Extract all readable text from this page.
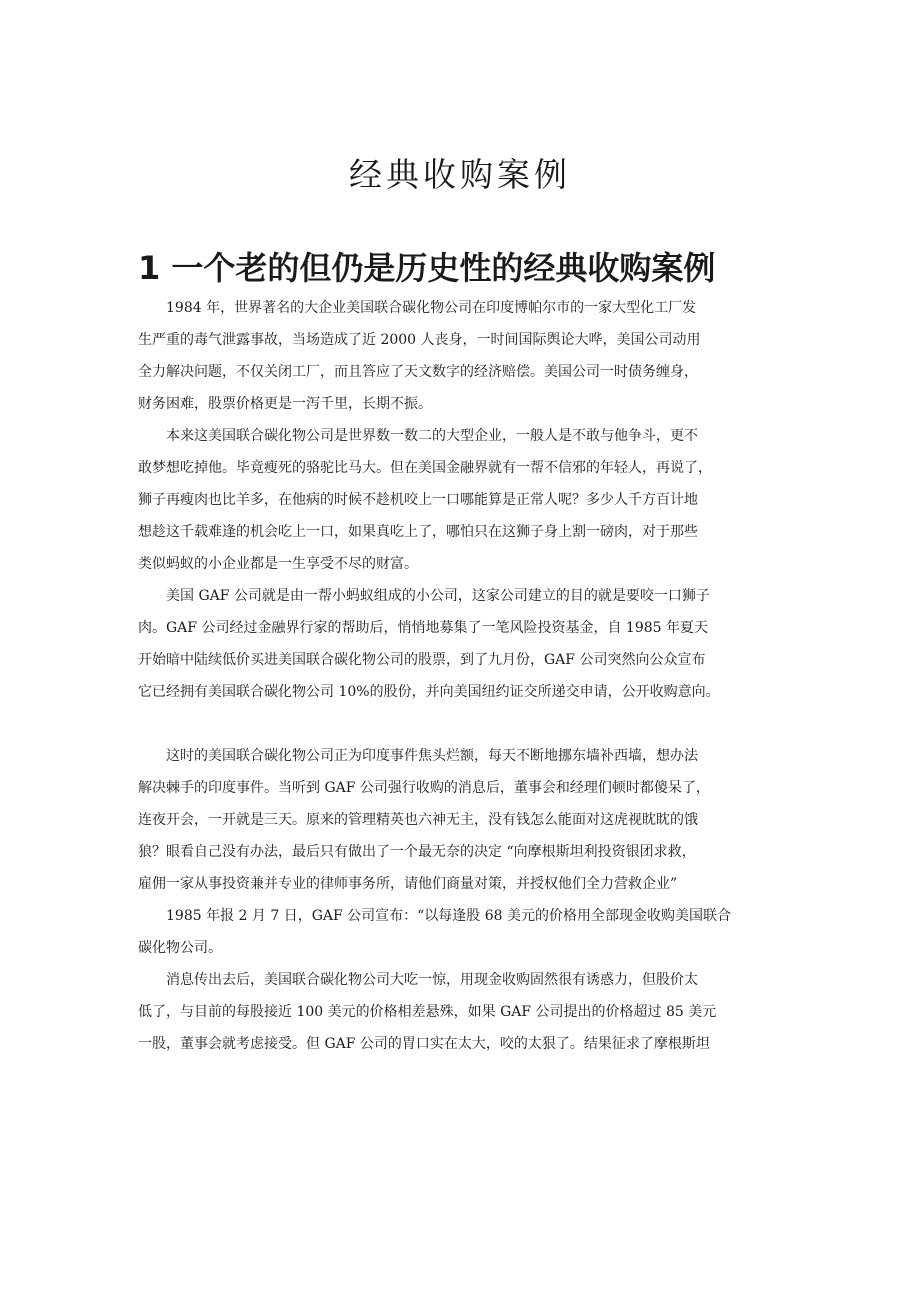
经典收购案例
1 一个老的但仍是历史性的经典收购案例

1984 年，世界著名的大企业美国联合碳化物公司在印度博帕尔市的一家大型化工厂发
生严重的毒气泄露事故，当场造成了近 2000 人丧身，一时间国际舆论大哗，美国公司动用
全力解决问题，不仅关闭工厂，而且答应了天文数字的经济赔偿。美国公司一时债务缠身，
财务困难，股票价格更是一泻千里，长期不振。

本来这美国联合碳化物公司是世界数一数二的大型企业，一般人是不敢与他争斗，更不
敢梦想吃掉他。毕竟瘦死的骆驼比马大。但在美国金融界就有一帮不信邪的年轻人，再说了，
狮子再瘦肉也比羊多，在他病的时候不趁机咬上一口哪能算是正常人呢？多少人千方百计地
想趁这千载难逢的机会吃上一口，如果真吃上了，哪怕只在这狮子身上割一磅肉，对于那些
类似蚂蚁的小企业都是一生享受不尽的财富。

美国 GAF 公司就是由一帮小蚂蚁组成的小公司，这家公司建立的目的就是要咬一口狮子
肉。GAF 公司经过金融界行家的帮助后，悄悄地募集了一笔风险投资基金，自 1985 年夏天
开始暗中陆续低价买进美国联合碳化物公司的股票，到了九月份，GAF 公司突然向公众宣布
它已经拥有美国联合碳化物公司 10%的股份，并向美国纽约证交所递交申请，公开收购意向。

这时的美国联合碳化物公司正为印度事件焦头烂额，每天不断地挪东墙补西墙，想办法
解决棘手的印度事件。当听到 GAF 公司强行收购的消息后，董事会和经理们顿时都傻呆了，
连夜开会，一开就是三天。原来的管理精英也六神无主，没有钱怎么能面对这虎视眈眈的饿
狼？眼看自己没有办法，最后只有做出了一个最无奈的决定 “向摩根斯坦利投资银团求救，
雇佣一家从事投资兼并专业的律师事务所，请他们商量对策，并授权他们全力营救企业”

1985 年报 2 月 7 日，GAF 公司宣布：“以每逢股 68 美元的价格用全部现金收购美国联合
碳化物公司。

消息传出去后，美国联合碳化物公司大吃一惊，用现金收购固然很有诱惑力，但股价太
低了，与目前的每股接近 100 美元的价格相差悬殊，如果 GAF 公司提出的价格超过 85 美元
一股，董事会就考虑接受。但 GAF 公司的胃口实在太大，咬的太狠了。结果征求了摩根斯坦
